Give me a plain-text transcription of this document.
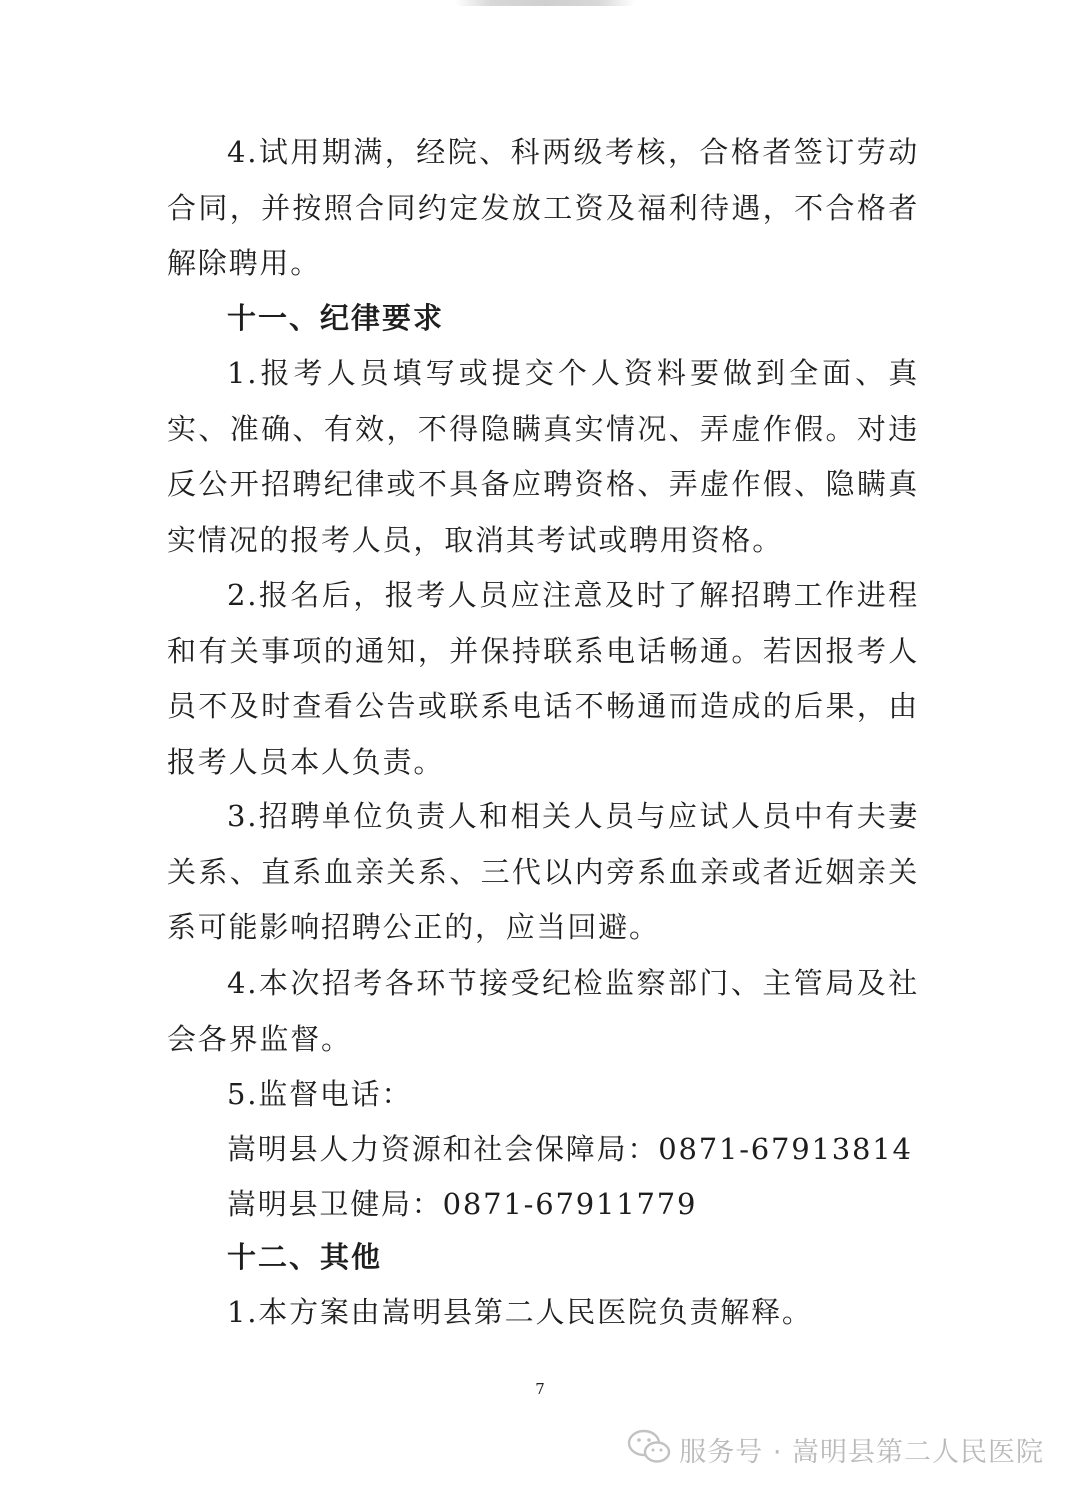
4.试用期满，经院、科两级考核，合格者签订劳动合同，并按照合同约定发放工资及福利待遇，不合格者解除聘用。

十一、纪律要求

1.报考人员填写或提交个人资料要做到全面、真实、准确、有效，不得隐瞒真实情况、弄虚作假。对违反公开招聘纪律或不具备应聘资格、弄虚作假、隐瞒真实情况的报考人员，取消其考试或聘用资格。

2.报名后，报考人员应注意及时了解招聘工作进程和有关事项的通知，并保持联系电话畅通。若因报考人员不及时查看公告或联系电话不畅通而造成的后果，由报考人员本人负责。

3.招聘单位负责人和相关人员与应试人员中有夫妻关系、直系血亲关系、三代以内旁系血亲或者近姻亲关系可能影响招聘公正的，应当回避。

4.本次招考各环节接受纪检监察部门、主管局及社会各界监督。

5.监督电话：

嵩明县人力资源和社会保障局：0871-67913814

嵩明县卫健局：0871-67911779

十二、其他

1.本方案由嵩明县第二人民医院负责解释。

7
服务号 · 嵩明县第二人民医院
